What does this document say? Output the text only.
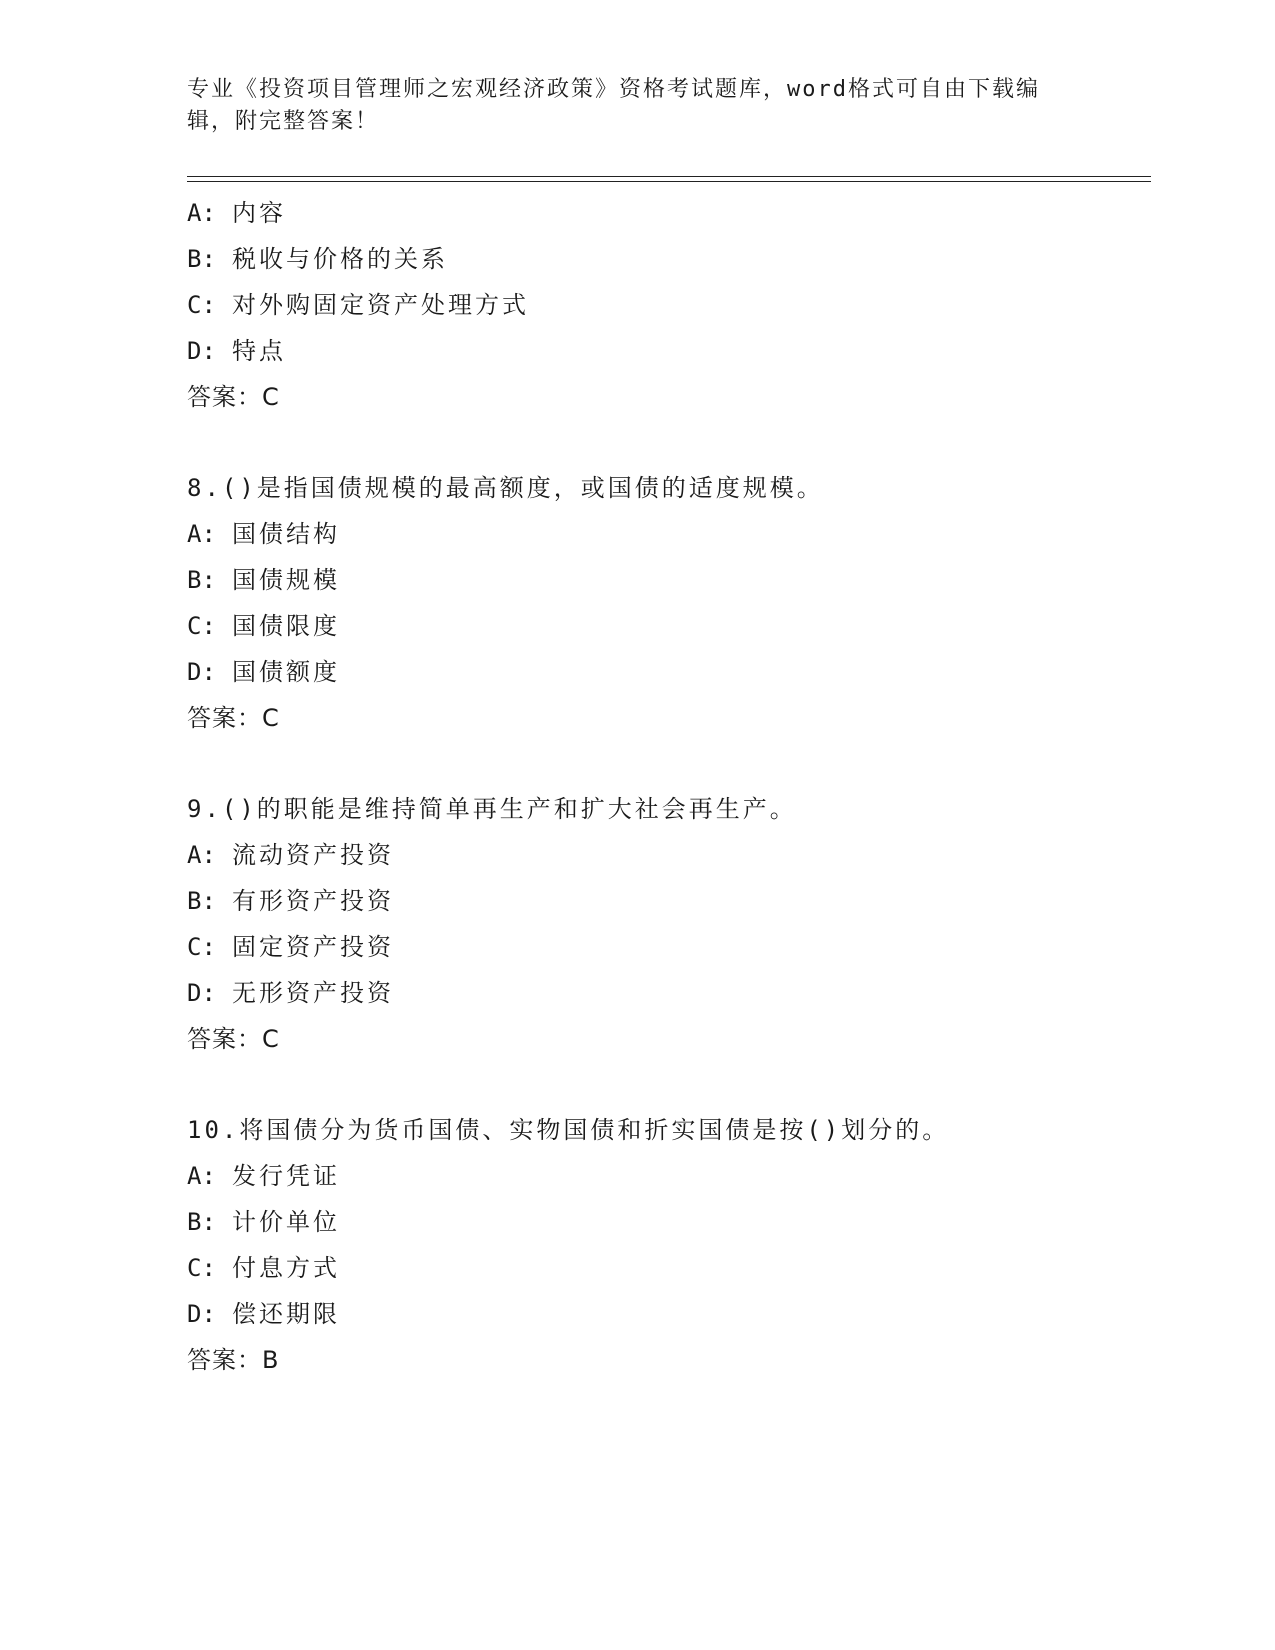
专业《投资项目管理师之宏观经济政策》资格考试题库，word格式可自由下载编辑，附完整答案！
A: 内容
B: 税收与价格的关系
C: 对外购固定资产处理方式
D: 特点
答案：C
8.()是指国债规模的最高额度，或国债的适度规模。
A: 国债结构
B: 国债规模
C: 国债限度
D: 国债额度
答案：C
9.()的职能是维持简单再生产和扩大社会再生产。
A: 流动资产投资
B: 有形资产投资
C: 固定资产投资
D: 无形资产投资
答案：C
10.将国债分为货币国债、实物国债和折实国债是按()划分的。
A: 发行凭证
B: 计价单位
C: 付息方式
D: 偿还期限
答案：B
